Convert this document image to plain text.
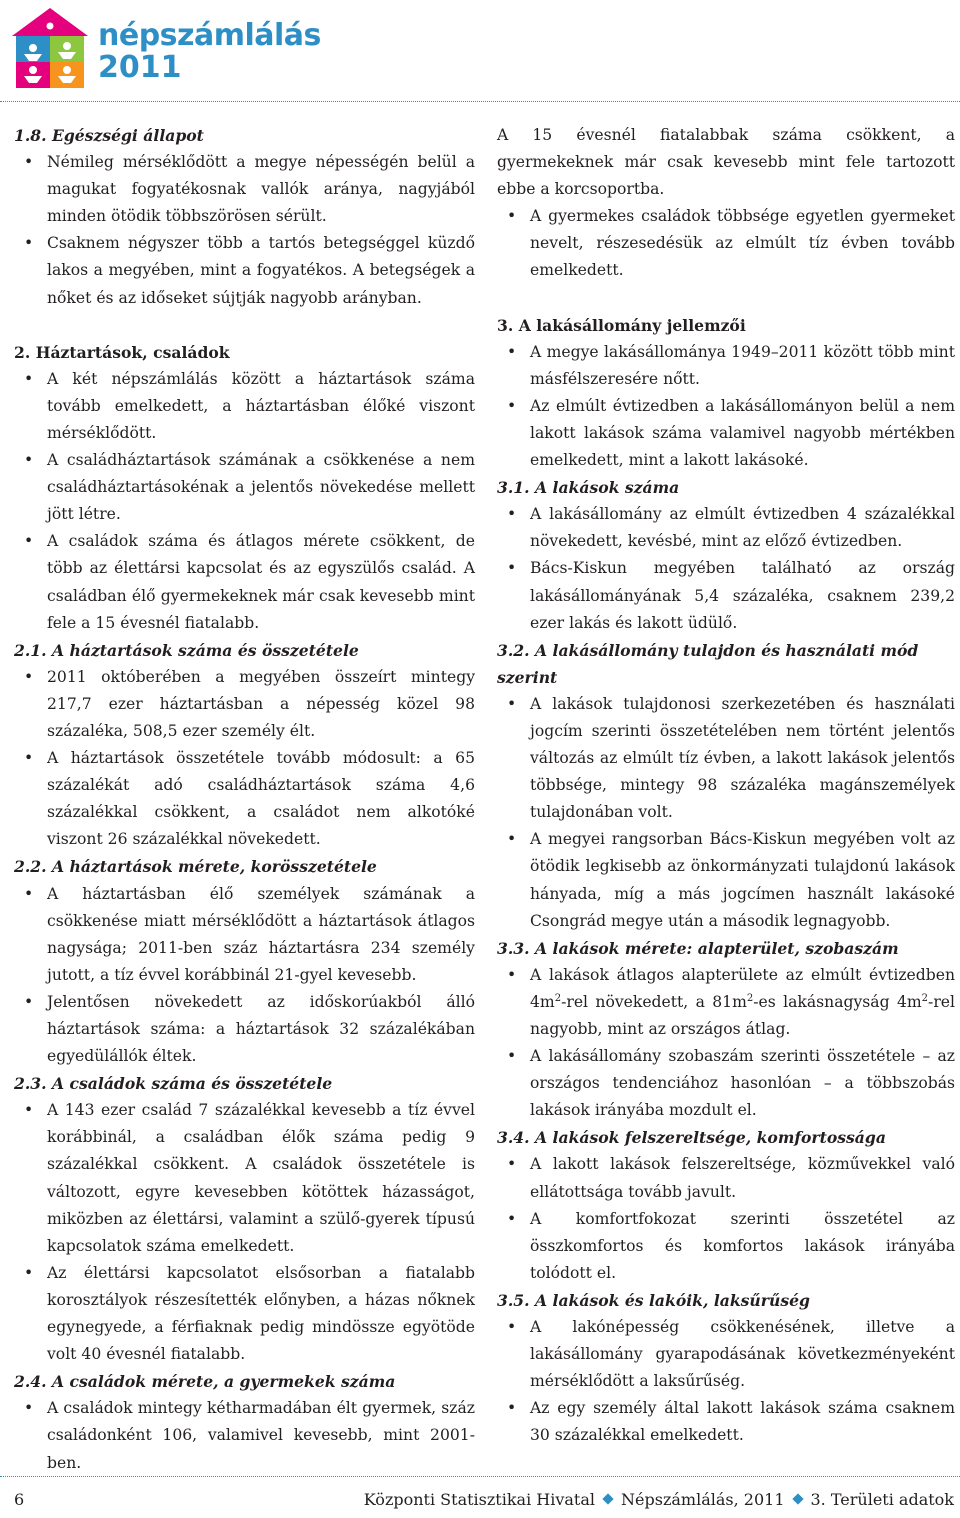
népszámlálás
2011
1.8. Egészségi állapot
• Némileg mérséklődött a megye népességén belül a magukat fogyatékosnak vallók aránya, nagyjából minden ötödik többszörösen sérült.
• Csaknem négyszer több a tartós betegséggel küzdő lakos a megyében, mint a fogyatékos. A betegségek a nőket és az időseket sújtják nagyobb arányban.
2. Háztartások, családok
• A két népszámlálás között a háztartások száma tovább emelkedett, a háztartásban élőké viszont mérséklődött.
• A családháztartások számának a csökkenése a nem családháztartásokénak a jelentős növekedése mellett jött létre.
• A családok száma és átlagos mérete csökkent, de több az élettársi kapcsolat és az egyszülős család. A családban élő gyermekeknek már csak kevesebb mint fele a 15 évesnél fiatalabb.
2.1. A háztartások száma és összetétele
• 2011 októberében a megyében összeírt mintegy 217,7 ezer háztartásban a népesség közel 98 százaléka, 508,5 ezer személy élt.
• A háztartások összetétele tovább módosult: a 65 százalékát adó családháztartások száma 4,6 százalékkal csökkent, a családot nem alkotóké viszont 26 százalékkal növekedett.
2.2. A háztartások mérete, korösszetétele
• A háztartásban élő személyek számának a csökkenése miatt mérséklődött a háztartások átlagos nagysága; 2011-ben száz háztartásra 234 személy jutott, a tíz évvel korábbinál 21-gyel kevesebb.
• Jelentősen növekedett az időskorúakból álló háztartások száma: a háztartások 32 százalékában egyedülállók éltek.
2.3. A családok száma és összetétele
• A 143 ezer család 7 százalékkal kevesebb a tíz évvel korábbinál, a családban élők száma pedig 9 százalékkal csökkent. A családok összetétele is változott, egyre kevesebben kötöttek házasságot, miközben az élettársi, valamint a szülő-gyerek típusú kapcsolatok száma emelkedett.
• Az élettársi kapcsolatot elsősorban a fiatalabb korosztályok részesítették előnyben, a házas nőknek egynegyede, a férfiaknak pedig mindössze egyötöde volt 40 évesnél fiatalabb.
2.4. A családok mérete, a gyermekek száma
• A családok mintegy kétharmadában élt gyermek, száz családonként 106, valamivel kevesebb, mint 2001-ben.
A 15 évesnél fiatalabbak száma csökkent, a gyermekeknek már csak kevesebb mint fele tartozott ebbe a korcsoportba.
• A gyermekes családok többsége egyetlen gyermeket nevelt, részesedésük az elmúlt tíz évben tovább emelkedett.
3. A lakásállomány jellemzői
• A megye lakásállománya 1949–2011 között több mint másfélszeresére nőtt.
• Az elmúlt évtizedben a lakásállományon belül a nem lakott lakások száma valamivel nagyobb mértékben emelkedett, mint a lakott lakásoké.
3.1. A lakások száma
• A lakásállomány az elmúlt évtizedben 4 százalékkal növekedett, kevésbé, mint az előző évtizedben.
• Bács-Kiskun megyében található az ország lakásállományának 5,4 százaléka, csaknem 239,2 ezer lakás és lakott üdülő.
3.2. A lakásállomány tulajdon és használati mód szerint
• A lakások tulajdonosi szerkezetében és használati jogcím szerinti összetételében nem történt jelentős változás az elmúlt tíz évben, a lakott lakások jelentős többsége, mintegy 98 százaléka magánszemélyek tulajdonában volt.
• A megyei rangsorban Bács-Kiskun megyében volt az ötödik legkisebb az önkormányzati tulajdonú lakások hányada, míg a más jogcímen használt lakásoké Csongrád megye után a második legnagyobb.
3.3. A lakások mérete: alapterület, szobaszám
• A lakások átlagos alapterülete az elmúlt évtizedben $4m^2$-rel növekedett, a $81m^2-es$ lakásnagyság $4m^2$-rel nagyobb, mint az országos átlag.
• A lakásállomány szobaszám szerinti összetétele – az országos tendenciához hasonlóan – a többszobás lakások irányába mozdult el.
3.4. A lakások felszereltsége, komfortossága
• A lakott lakások felszereltsége, közművekkel való ellátottsága tovább javult.
• A komfortfokozat szerinti összetétel az összkomfortos és komfortos lakások irányába tolódott el.
3.5. A lakások és lakóik, laksűrűség
• A lakónépesség csökkenésének, illetve a lakásállomány gyarapodásának következményeként mérséklődött a laksűrűség.
• Az egy személy által lakott lakások száma csaknem 30 százalékkal emelkedett.
6	Központi Statisztikai Hivatal Népszámlálás, 2011 3. Területi adatok
